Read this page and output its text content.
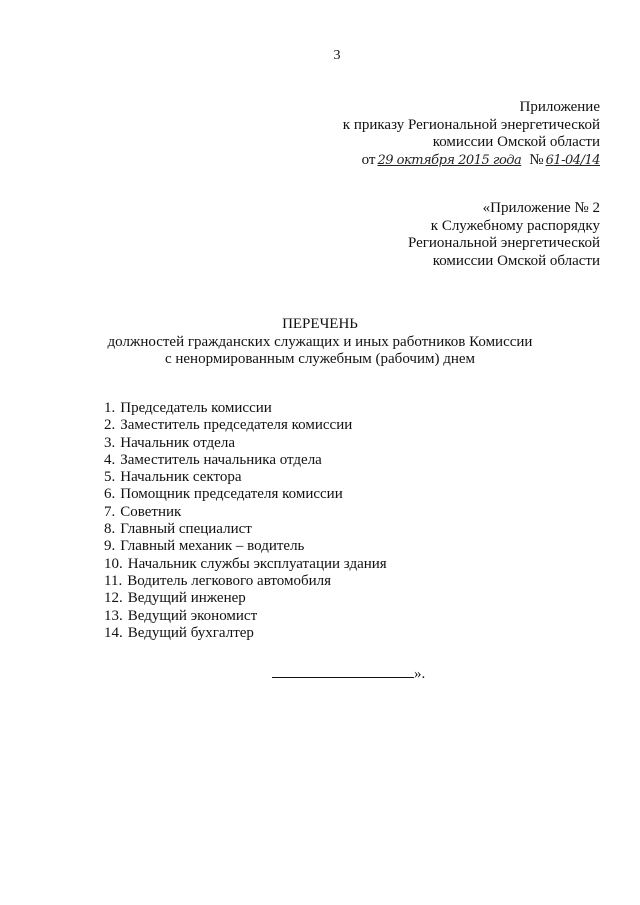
3
Приложение
к приказу Региональной энергетической
комиссии Омской области
от 29 октября 2015 года № 61-04/14
«Приложение № 2
к Служебному распорядку
Региональной энергетической
комиссии Омской области
ПЕРЕЧЕНЬ
должностей гражданских служащих и иных работников Комиссии
с ненормированным служебным (рабочим) днем
1. Председатель комиссии
2. Заместитель председателя комиссии
3. Начальник отдела
4. Заместитель начальника отдела
5. Начальник сектора
6. Помощник председателя комиссии
7. Советник
8. Главный специалист
9. Главный механик – водитель
10. Начальник службы эксплуатации здания
11. Водитель легкового автомобиля
12. Ведущий инженер
13. Ведущий экономист
14. Ведущий бухгалтер
».
